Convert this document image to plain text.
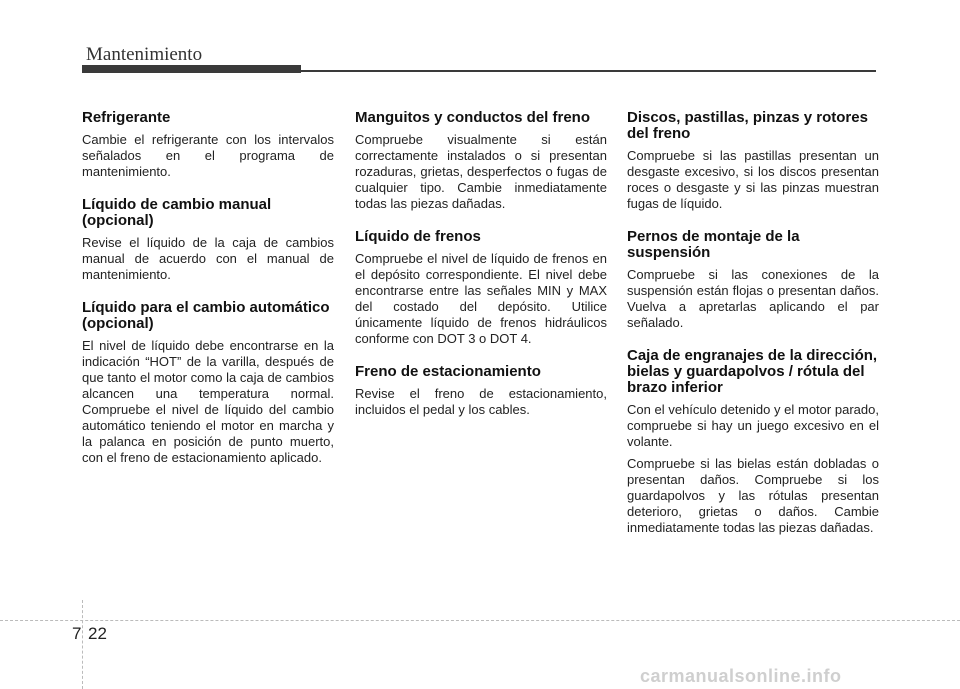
Mantenimiento
Refrigerante

Cambie el refrigerante con los intervalos señalados en el programa de mantenimiento.

Líquido de cambio manual (opcional)

Revise el líquido de la caja de cambios manual de acuerdo con el manual de mantenimiento.

Líquido para el cambio automático (opcional)

El nivel de líquido debe encontrarse en la indicación “HOT” de la varilla, después de que tanto el motor como la caja de cambios alcancen una temperatura normal. Compruebe el nivel de líquido del cambio automático teniendo el motor en marcha y la palanca en posición de punto muerto, con el freno de estacionamiento aplicado.

Manguitos y conductos del freno

Compruebe visualmente si están correctamente instalados o si presentan rozaduras, grietas, desperfectos o fugas de cualquier tipo. Cambie inmediatamente todas las piezas dañadas.

Líquido de frenos

Compruebe el nivel de líquido de frenos en el depósito correspondiente. El nivel debe encontrarse entre las señales MIN y MAX del costado del depósito. Utilice únicamente líquido de frenos hidráulicos conforme con DOT 3 o DOT 4.

Freno de estacionamiento

Revise el freno de estacionamiento, incluidos el pedal y los cables.

Discos, pastillas, pinzas y rotores del freno

Compruebe si las pastillas presentan un desgaste excesivo, si los discos presentan roces o desgaste y si las pinzas muestran fugas de líquido.

Pernos de montaje de la suspensión

Compruebe si las conexiones de la suspensión están flojas o presentan daños. Vuelva a apretarlas aplicando el par señalado.

Caja de engranajes de la dirección, bielas y guardapolvos / rótula del brazo inferior

Con el vehículo detenido y el motor parado, compruebe si hay un juego excesivo en el volante.

Compruebe si las bielas están dobladas o presentan daños. Compruebe si los guardapolvos y las rótulas presentan deterioro, grietas o daños. Cambie inmediatamente todas las piezas dañadas.

7 22
carmanualsonline.info
